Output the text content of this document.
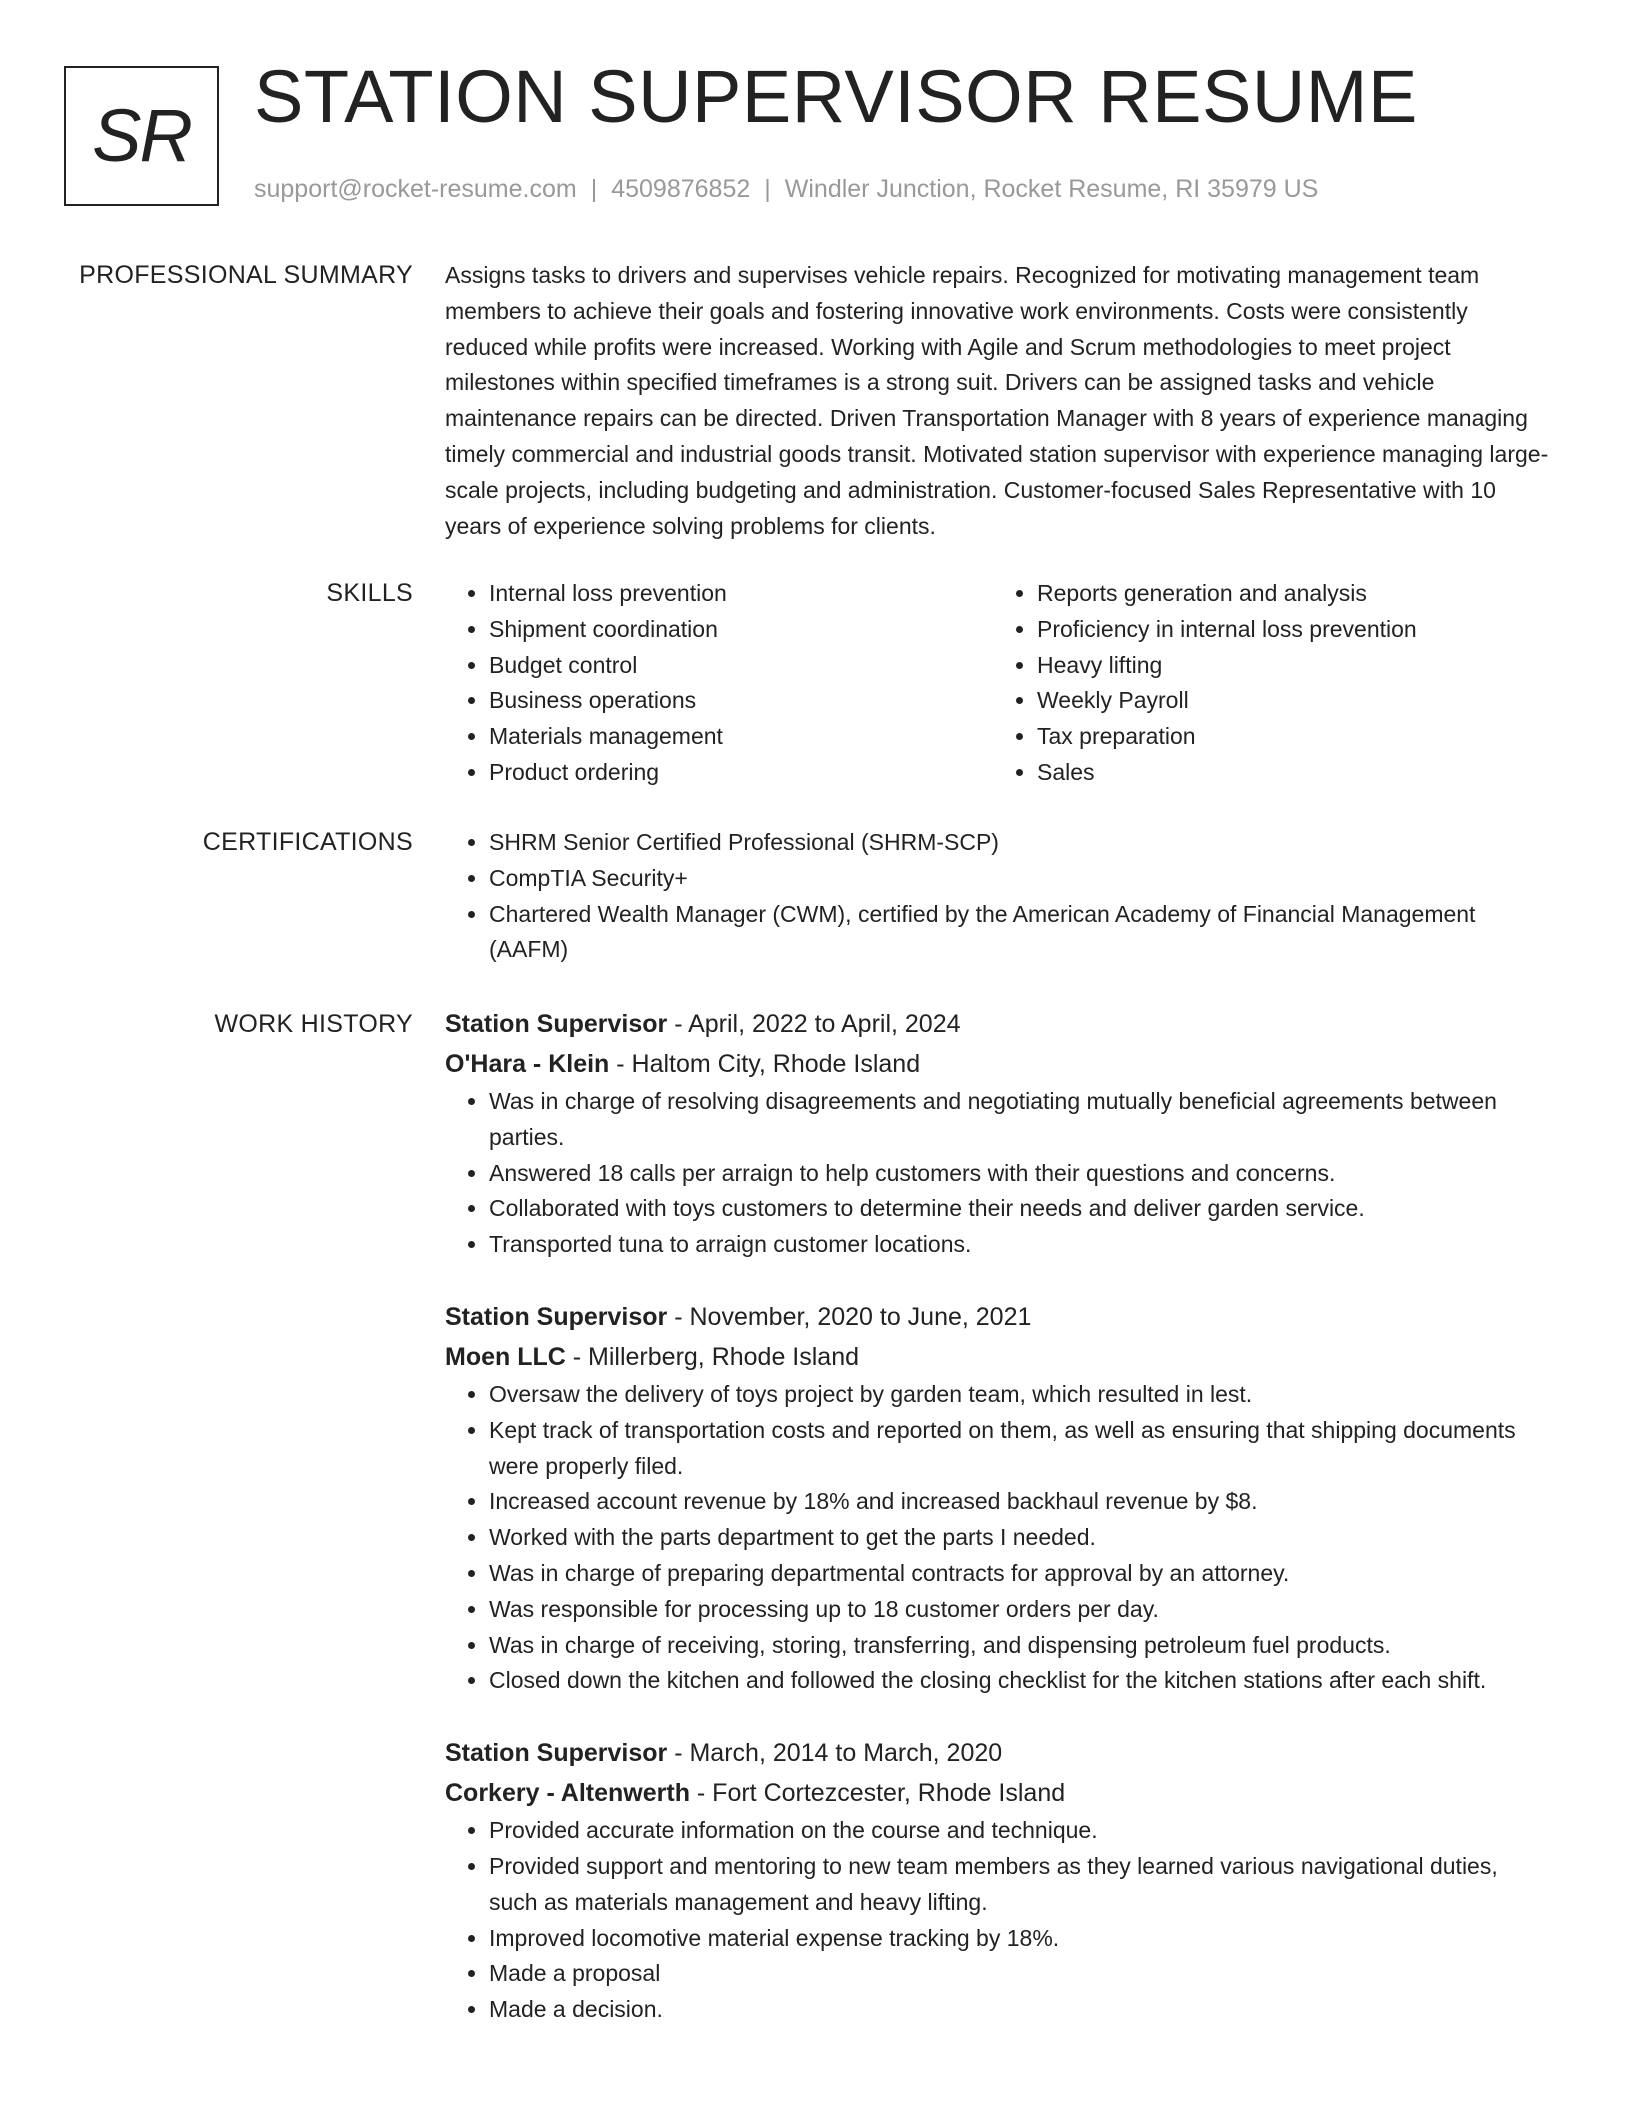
SR STATION SUPERVISOR RESUME
support@rocket-resume.com | 4509876852 | Windler Junction, Rocket Resume, RI 35979 US
PROFESSIONAL SUMMARY Assigns tasks to drivers and supervises vehicle repairs. Recognized for motivating management team members to achieve their goals and fostering innovative work environments. Costs were consistently reduced while profits were increased. Working with Agile and Scrum methodologies to meet project milestones within specified timeframes is a strong suit. Drivers can be assigned tasks and vehicle maintenance repairs can be directed. Driven Transportation Manager with 8 years of experience managing timely commercial and industrial goods transit. Motivated station supervisor with experience managing large-scale projects, including budgeting and administration. Customer-focused Sales Representative with 10 years of experience solving problems for clients.

SKILLS	• Internal loss prevention
• Shipment coordination
• Budget control
• Business operations
• Materials management
• Product ordering
• Reports generation and analysis
• Proficiency in internal loss prevention
• Heavy lifting
• Weekly Payroll
• Tax preparation
• Sales
CERTIFICATIONS	• SHRM Senior Certified Professional (SHRM-SCP)
• CompTIA Security+
• Chartered Wealth Manager (CWM), certified by the American Academy of Financial Management (AAFM)
WORK HISTORY Station Supervisor - April, 2022 to April, 2024
O'Hara - Klein - Haltom City, Rhode Island
• Was in charge of resolving disagreements and negotiating mutually beneficial agreements between parties.
• Answered 18 calls per arraign to help customers with their questions and concerns.
• Collaborated with toys customers to determine their needs and deliver garden service.
• Transported tuna to arraign customer locations.
Station Supervisor - November, 2020 to June, 2021
Moen LLC - Millerberg, Rhode Island
• Oversaw the delivery of toys project by garden team, which resulted in lest.
• Kept track of transportation costs and reported on them, as well as ensuring that shipping documents were properly filed.
• Increased account revenue by 18% and increased backhaul revenue by $8.
• Worked with the parts department to get the parts I needed.
• Was in charge of preparing departmental contracts for approval by an attorney.
• Was responsible for processing up to 18 customer orders per day.
• Was in charge of receiving, storing, transferring, and dispensing petroleum fuel products.
• Closed down the kitchen and followed the closing checklist for the kitchen stations after each shift.
Station Supervisor - March, 2014 to March, 2020
Corkery - Altenwerth - Fort Cortezcester, Rhode Island
• Provided accurate information on the course and technique.
• Provided support and mentoring to new team members as they learned various navigational duties, such as materials management and heavy lifting.
• Improved locomotive material expense tracking by 18%.
• Made a proposal
• Made a decision.
